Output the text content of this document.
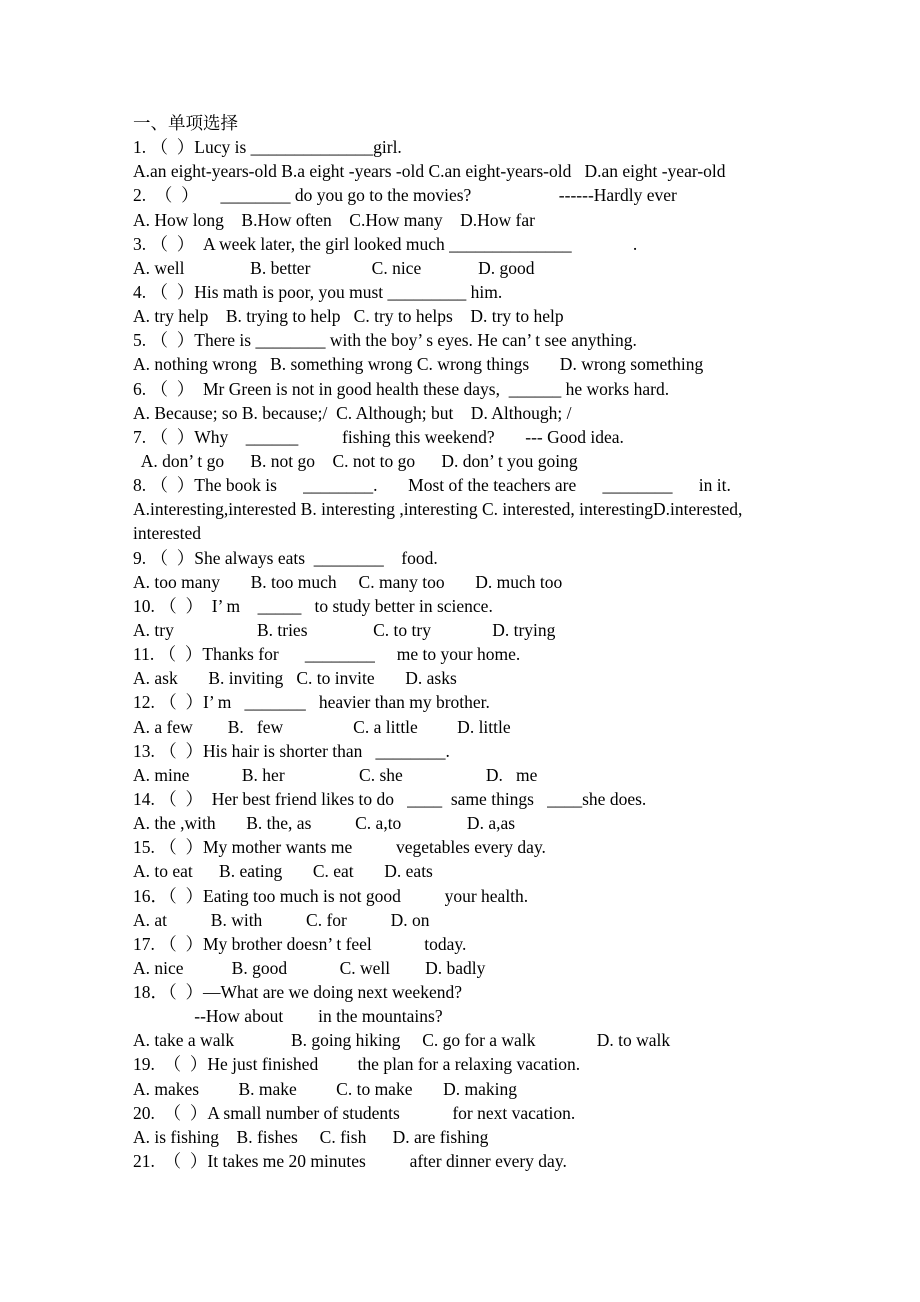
一、单项选择
1. （  ）Lucy is ______________girl.
A.an eight-years-old B.a eight -years -old C.an eight-years-old   D.an eight -year-old
2.  （  ）     ________ do you go to the movies?                    ------Hardly ever
A. How long    B.How often    C.How many    D.How far
3. （  ）  A week later, the girl looked much ______________              .
A. well               B. better              C. nice             D. good
4. （  ）His math is poor, you must _________ him.
A. try help    B. trying to help   C. try to helps    D. try to help
5. （  ）There is ________ with the boy’ s eyes. He can’ t see anything.
A. nothing wrong   B. something wrong C. wrong things       D. wrong something
6. （  ）  Mr Green is not in good health these days,  ______ he works hard.
A. Because; so B. because;/  C. Although; but    D. Although; /
7. （  ）Why    ______          fishing this weekend?       --- Good idea.
A. don’ t go      B. not go    C. not to go      D. don’ t you going
8. （  ）The book is      ________.       Most of the teachers are      ________      in it.
A.interesting,interested B. interesting ,interesting C. interested, interestingD.interested,
interested
9. （  ）She always eats  ________    food.
A. too many       B. too much     C. many too       D. much too
10. （  ）  I’ m    _____   to study better in science.
A. try                   B. tries               C. to try              D. trying
11. （  ）Thanks for      ________     me to your home.
A. ask       B. inviting   C. to invite       D. asks
12. （  ）I’ m   _______   heavier than my brother.
A. a few        B.   few                C. a little         D. little
13. （  ）His hair is shorter than   ________.
A. mine            B. her                 C. she                   D.   me
14. （  ）  Her best friend likes to do   ____  same things   ____she does.
A. the ,with       B. the, as          C. a,to               D. a,as
15. （  ）My mother wants me          vegetables every day.
A. to eat      B. eating       C. eat       D. eats
16．（  ）Eating too much is not good          your health.
A. at          B. with          C. for          D. on
17. （  ）My brother doesn’ t feel            today.
A. nice           B. good            C. well        D. badly
18．（  ）—What are we doing next weekend?
--How about        in the mountains?
A. take a walk             B. going hiking     C. go for a walk              D. to walk
19.  （  ）He just finished         the plan for a relaxing vacation.
A. makes         B. make         C. to make       D. making
20.  （  ）A small number of students            for next vacation.
A. is fishing    B. fishes     C. fish      D. are fishing
21.  （  ）It takes me 20 minutes          after dinner every day.
